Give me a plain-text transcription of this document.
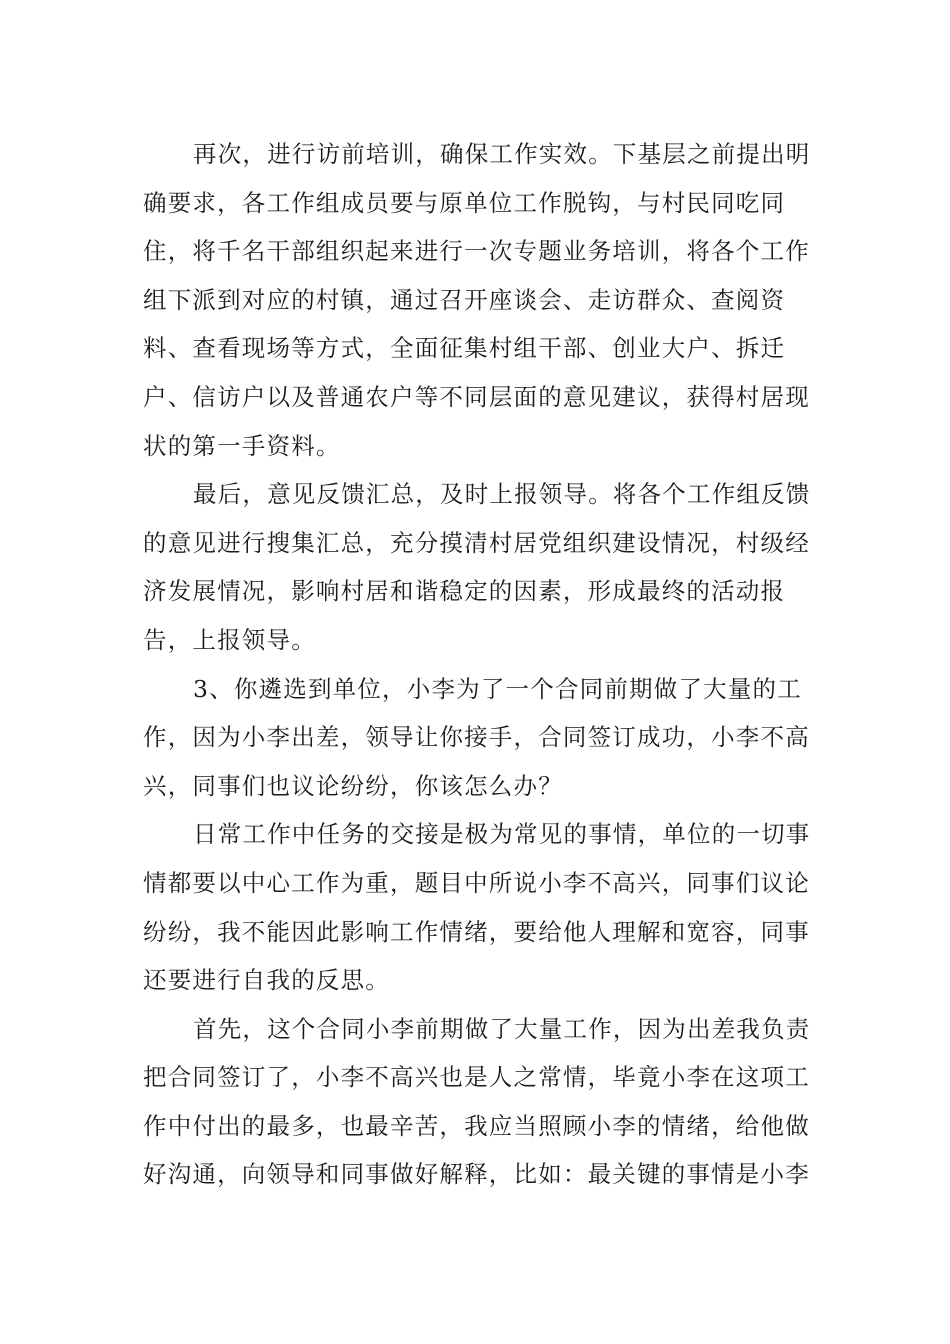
再次，进行访前培训，确保工作实效。下基层之前提出明
确要求，各工作组成员要与原单位工作脱钩，与村民同吃同
住，将千名干部组织起来进行一次专题业务培训，将各个工作
组下派到对应的村镇，通过召开座谈会、走访群众、查阅资
料、查看现场等方式，全面征集村组干部、创业大户、拆迁
户、信访户以及普通农户等不同层面的意见建议，获得村居现
状的第一手资料。
最后，意见反馈汇总，及时上报领导。将各个工作组反馈
的意见进行搜集汇总，充分摸清村居党组织建设情况，村级经
济发展情况，影响村居和谐稳定的因素，形成最终的活动报
告，上报领导。
3、你遴选到单位，小李为了一个合同前期做了大量的工
作，因为小李出差，领导让你接手，合同签订成功，小李不高
兴，同事们也议论纷纷，你该怎么办？
日常工作中任务的交接是极为常见的事情，单位的一切事
情都要以中心工作为重，题目中所说小李不高兴，同事们议论
纷纷，我不能因此影响工作情绪，要给他人理解和宽容，同事
还要进行自我的反思。
首先，这个合同小李前期做了大量工作，因为出差我负责
把合同签订了，小李不高兴也是人之常情，毕竟小李在这项工
作中付出的最多，也最辛苦，我应当照顾小李的情绪，给他做
好沟通，向领导和同事做好解释，比如：最关键的事情是小李
